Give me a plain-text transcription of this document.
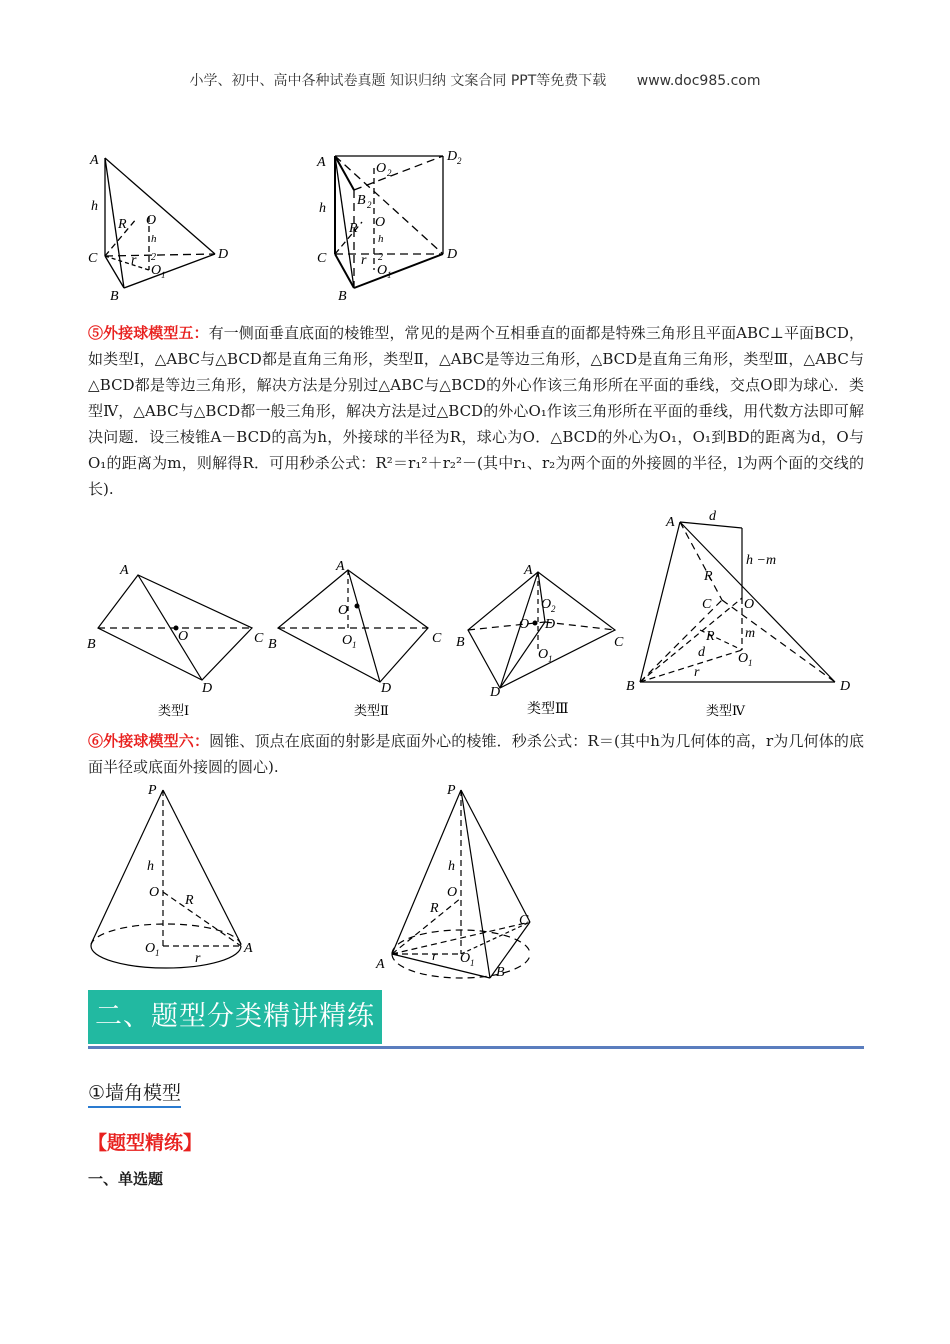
小学、初中、高中各种试卷真题 知识归纳 文案合同 PPT等免费下载 www.doc985.com
A
h
R O
h
2
C r
O 1
D
B
A	O 2
D 2
B 2
h
R O
h
2
C r
O 1
D
B
⑤外接球模型五：有一侧面垂直底面的棱锥型，常见的是两个互相垂直的面都是特殊三角形且平面ABC⊥平面BCD，如类型Ⅰ，△ABC与△BCD都是直角三角形，类型Ⅱ，△ABC是等边三角形，△BCD是直角三角形，类型Ⅲ，△ABC与△BCD都是等边三角形，解决方法是分别过△ABC与△BCD的外心作该三角形所在平面的垂线，交点O即为球心．类型Ⅳ，△ABC与△BCD都一般三角形，解决方法是过△BCD的外心O₁作该三角形所在平面的垂线，用代数方法即可解决问题．设三棱锥A－BCD的高为h，外接球的半径为R，球心为O．△BCD的外心为O₁，O₁到BD的距离为d，O与O₁的距离为m，则解得R．可用秒杀公式：R²＝r₁²＋r₂²－(其中r₁、r₂为两个面的外接圆的半径，l为两个面的交线的长).
A
B
O	C
D
A
O
O 1
B	C
D
A
O 2
O D
O 1
B	C
D
A d
h −m
R
C O
R m
d O 1
r
B	D
类型Ⅰ	类型Ⅱ	类型Ⅲ	类型Ⅳ
⑥外接球模型六：圆锥、顶点在底面的射影是底面外心的棱锥．秒杀公式：R＝(其中h为几何体的高，r为几何体的底面半径或底面外接圆的圆心).
P
h
O
R
O 1	r
A
P
h
O
R
C
r O 1
A
B
二、题型分类精讲精练
①墙角模型
【题型精练】
一、单选题
